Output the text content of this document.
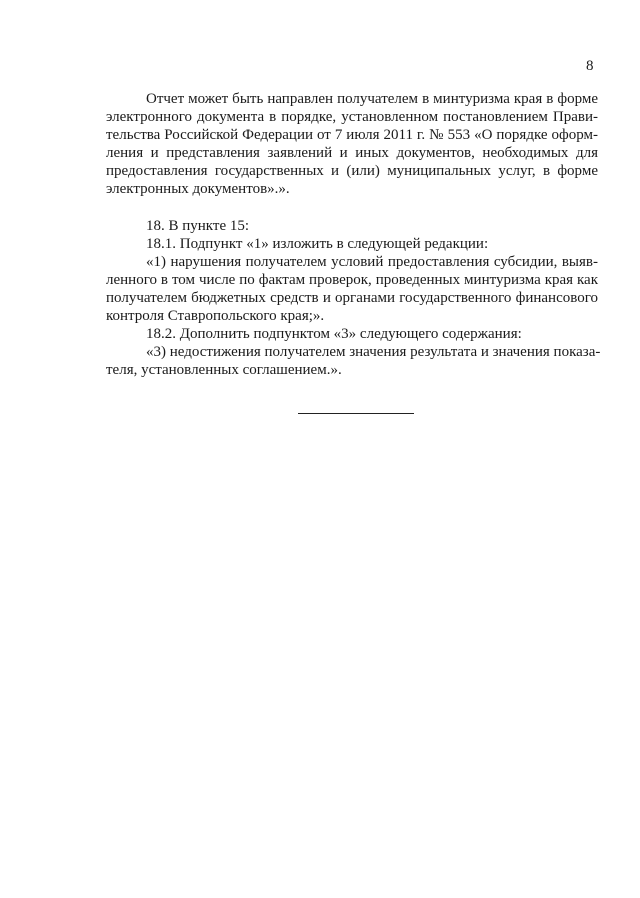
8
Отчет может быть направлен получателем в минтуризма края в форме
электронного документа в порядке, установленном постановлением Прави-
тельства Российской Федерации от 7 июля 2011 г. № 553 «О порядке оформ-
ления и представления заявлений и иных документов, необходимых для
предоставления государственных и (или) муниципальных услуг, в форме
электронных документов».».
18. В пункте 15:
18.1. Подпункт «1» изложить в следующей редакции:
«1) нарушения получателем условий предоставления субсидии, выяв-
ленного в том числе по фактам проверок, проведенных минтуризма края как
получателем бюджетных средств и органами государственного финансового
контроля Ставропольского края;».
18.2. Дополнить подпунктом «3» следующего содержания:
«3) недостижения получателем значения результата и значения показа-
теля, установленных соглашением.».
